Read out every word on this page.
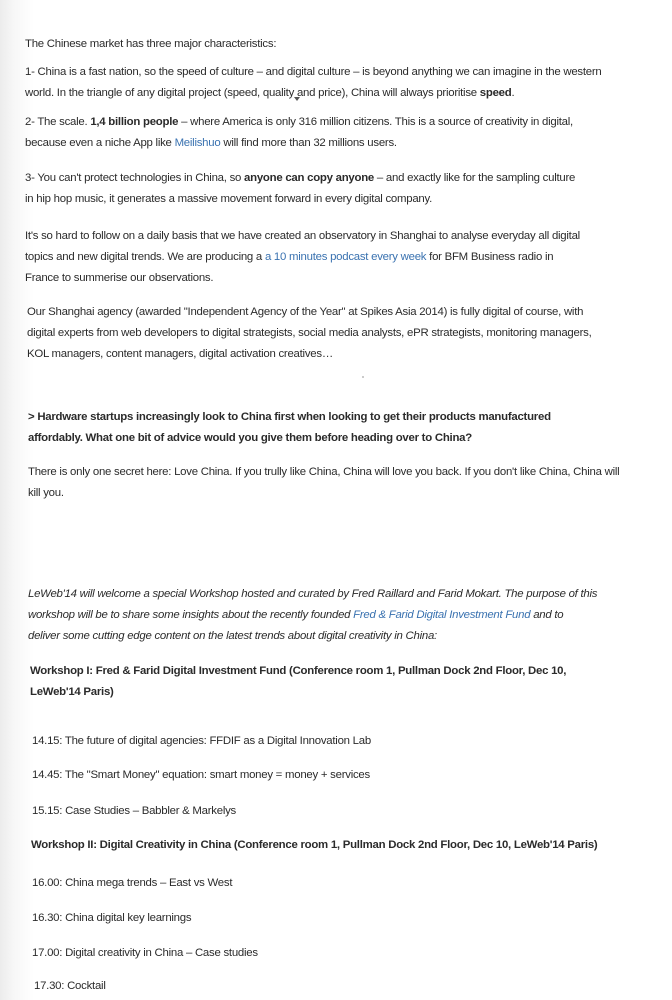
The Chinese market has three major characteristics:

1- China is a fast nation, so the speed of culture – and digital culture – is beyond anything we can imagine in the western world. In the triangle of any digital project (speed, quality and price), China will always prioritise speed.

2- The scale. 1,4 billion people – where America is only 316 million citizens. This is a source of creativity in digital, because even a niche App like Meilishuo will find more than 32 millions users.

3- You can't protect technologies in China, so anyone can copy anyone – and exactly like for the sampling culture in hip hop music, it generates a massive movement forward in every digital company.

It's so hard to follow on a daily basis that we have created an observatory in Shanghai to analyse everyday all digital topics and new digital trends. We are producing a a 10 minutes podcast every week for BFM Business radio in France to summerise our observations.

Our Shanghai agency (awarded "Independent Agency of the Year" at Spikes Asia 2014) is fully digital of course, with digital experts from web developers to digital strategists, social media analysts, ePR strategists, monitoring managers, KOL managers, content managers, digital activation creatives…

> Hardware startups increasingly look to China first when looking to get their products manufactured affordably. What one bit of advice would you give them before heading over to China?

There is only one secret here: Love China. If you trully like China, China will love you back. If you don't like China, China will kill you.

LeWeb'14 will welcome a special Workshop hosted and curated by Fred Raillard and Farid Mokart. The purpose of this workshop will be to share some insights about the recently founded Fred & Farid Digital Investment Fund and to deliver some cutting edge content on the latest trends about digital creativity in China:

Workshop I: Fred & Farid Digital Investment Fund (Conference room 1, Pullman Dock 2nd Floor, Dec 10, LeWeb'14 Paris)

14.15: The future of digital agencies: FFDIF as a Digital Innovation Lab

14.45: The "Smart Money" equation: smart money = money + services

15.15: Case Studies – Babbler & Markelys

Workshop II: Digital Creativity in China (Conference room 1, Pullman Dock 2nd Floor, Dec 10, LeWeb'14 Paris)

16.00: China mega trends – East vs West

16.30: China digital key learnings

17.00: Digital creativity in China – Case studies

17.30: Cocktail
